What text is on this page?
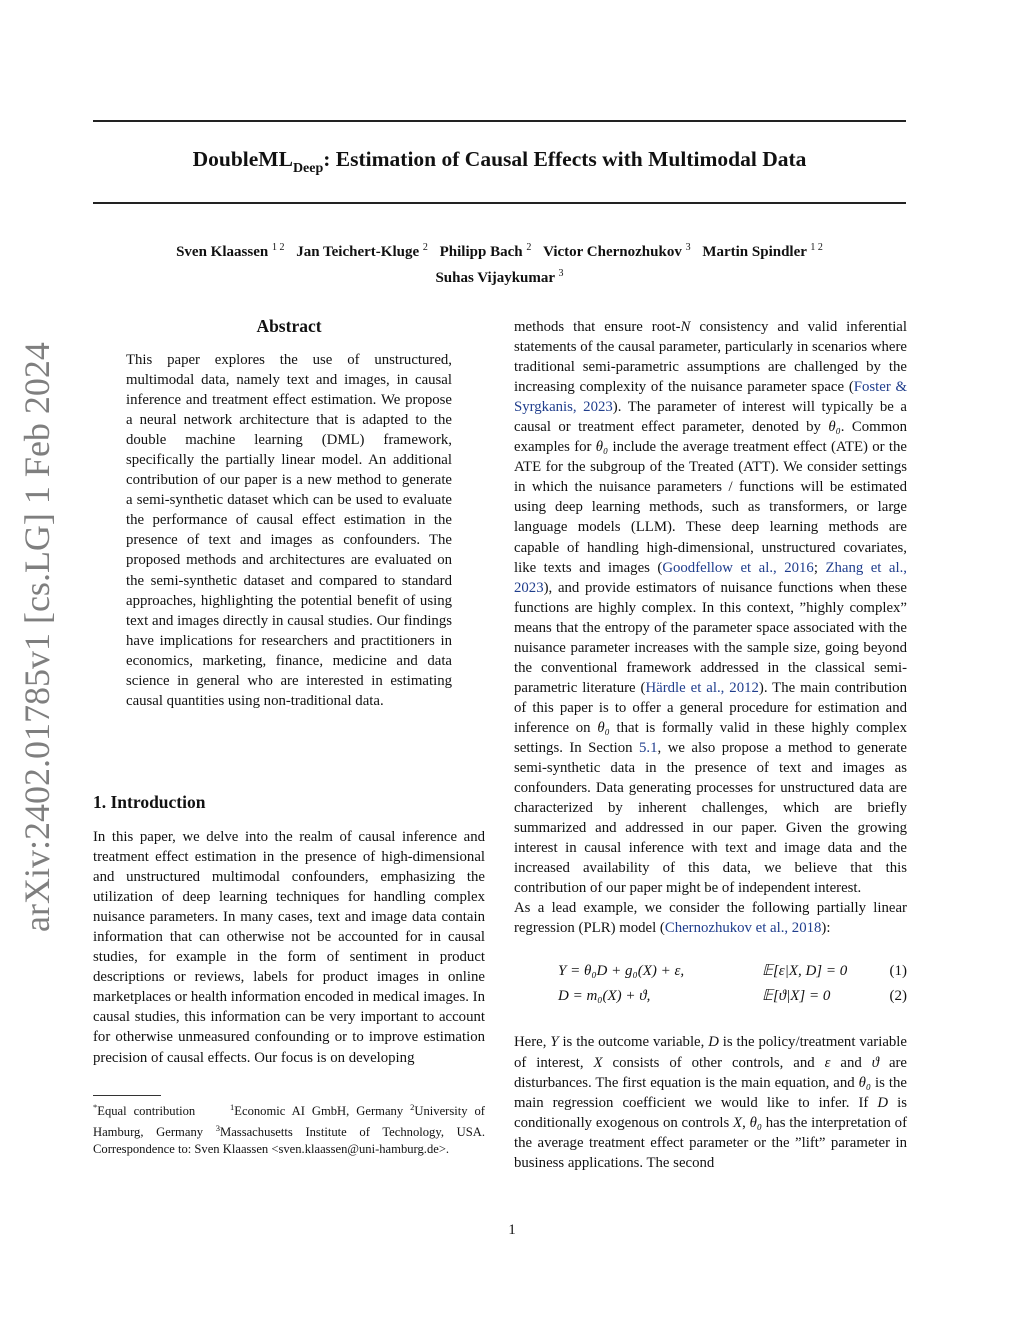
arXiv:2402.01785v1 [cs.LG] 1 Feb 2024
DoubleML$_{Deep}$: Estimation of Causal Effects with Multimodal Data
Sven Klaassen $^{1 2}$ Jan Teichert-Kluge $^2$ Philipp Bach $^2$ Victor Chernozhukov $^3$ Martin Spindler $^{1 2}$
Suhas Vijaykumar $^3$
Abstract

This paper explores the use of unstructured, multimodal data, namely text and images, in causal inference and treatment effect estimation. We propose a neural network architecture that is adapted to the double machine learning (DML) framework, specifically the partially linear model. An additional contribution of our paper is a new method to generate a semi-synthetic dataset which can be used to evaluate the performance of causal effect estimation in the presence of text and images as confounders. The proposed methods and architectures are evaluated on the semi-synthetic dataset and compared to standard approaches, highlighting the potential benefit of using text and images directly in causal studies. Our findings have implications for researchers and practitioners in economics, marketing, finance, medicine and data science in general who are interested in estimating causal quantities using non-traditional data.

1. Introduction

In this paper, we delve into the realm of causal inference and treatment effect estimation in the presence of high-dimensional and unstructured multimodal confounders, emphasizing the utilization of deep learning techniques for handling complex nuisance parameters. In many cases, text and image data contain information that can otherwise not be accounted for in causal studies, for example in the form of sentiment in product descriptions or reviews, labels for product images in online marketplaces or health information encoded in medical images. In causal studies, this information can be very important to account for otherwise unmeasured confounding or to improve estimation precision of causal effects. Our focus is on developing

*Equal contribution	$^1$Economic AI GmbH, Germany $^2$University of Hamburg, Germany $^3$Massachusetts Institute of Technology, USA. Correspondence to: Sven Klaassen <sven.klaassen@uni-hamburg.de>.

methods that ensure root-N consistency and valid inferential statements of the causal parameter, particularly in scenarios where traditional semi-parametric assumptions are challenged by the increasing complexity of the nuisance parameter space (Foster & Syrgkanis, 2023). The parameter of interest will typically be a causal or treatment effect parameter, denoted by θ₀. Common examples for θ₀ include the average treatment effect (ATE) or the ATE for the subgroup of the Treated (ATT). We consider settings in which the nuisance parameters / functions will be estimated using deep learning methods, such as transformers, or large language models (LLM). These deep learning methods are capable of handling high-dimensional, unstructured covariates, like texts and images (Goodfellow et al., 2016; Zhang et al., 2023), and provide estimators of nuisance functions when these functions are highly complex. In this context, ”highly complex” means that the entropy of the parameter space associated with the nuisance parameter increases with the sample size, going beyond the conventional framework addressed in the classical semi-parametric literature (Härdle et al., 2012). The main contribution of this paper is to offer a general procedure for estimation and inference on θ₀ that is formally valid in these highly complex settings. In Section 5.1, we also propose a method to generate semi-synthetic data in the presence of text and images as confounders. Data generating processes for unstructured data are characterized by inherent challenges, which are briefly summarized and addressed in our paper. Given the growing interest in causal inference with text and image data and the increased availability of this data, we believe that this contribution of our paper might be of independent interest.

As a lead example, we consider the following partially linear regression (PLR) model (Chernozhukov et al., 2018):

Y = θ₀D + g₀(X) + ε,	𝔼[ε|X, D] = 0	(1)
D = m₀(X) + ϑ,	𝔼[ϑ|X] = 0	(2)

Here, Y is the outcome variable, D is the policy/treatment variable of interest, X consists of other controls, and ε and ϑ are disturbances. The first equation is the main equation, and θ₀ is the main regression coefficient we would like to infer. If D is conditionally exogenous on controls X, θ₀ has the interpretation of the average treatment effect parameter or the ”lift” parameter in business applications. The second

1
